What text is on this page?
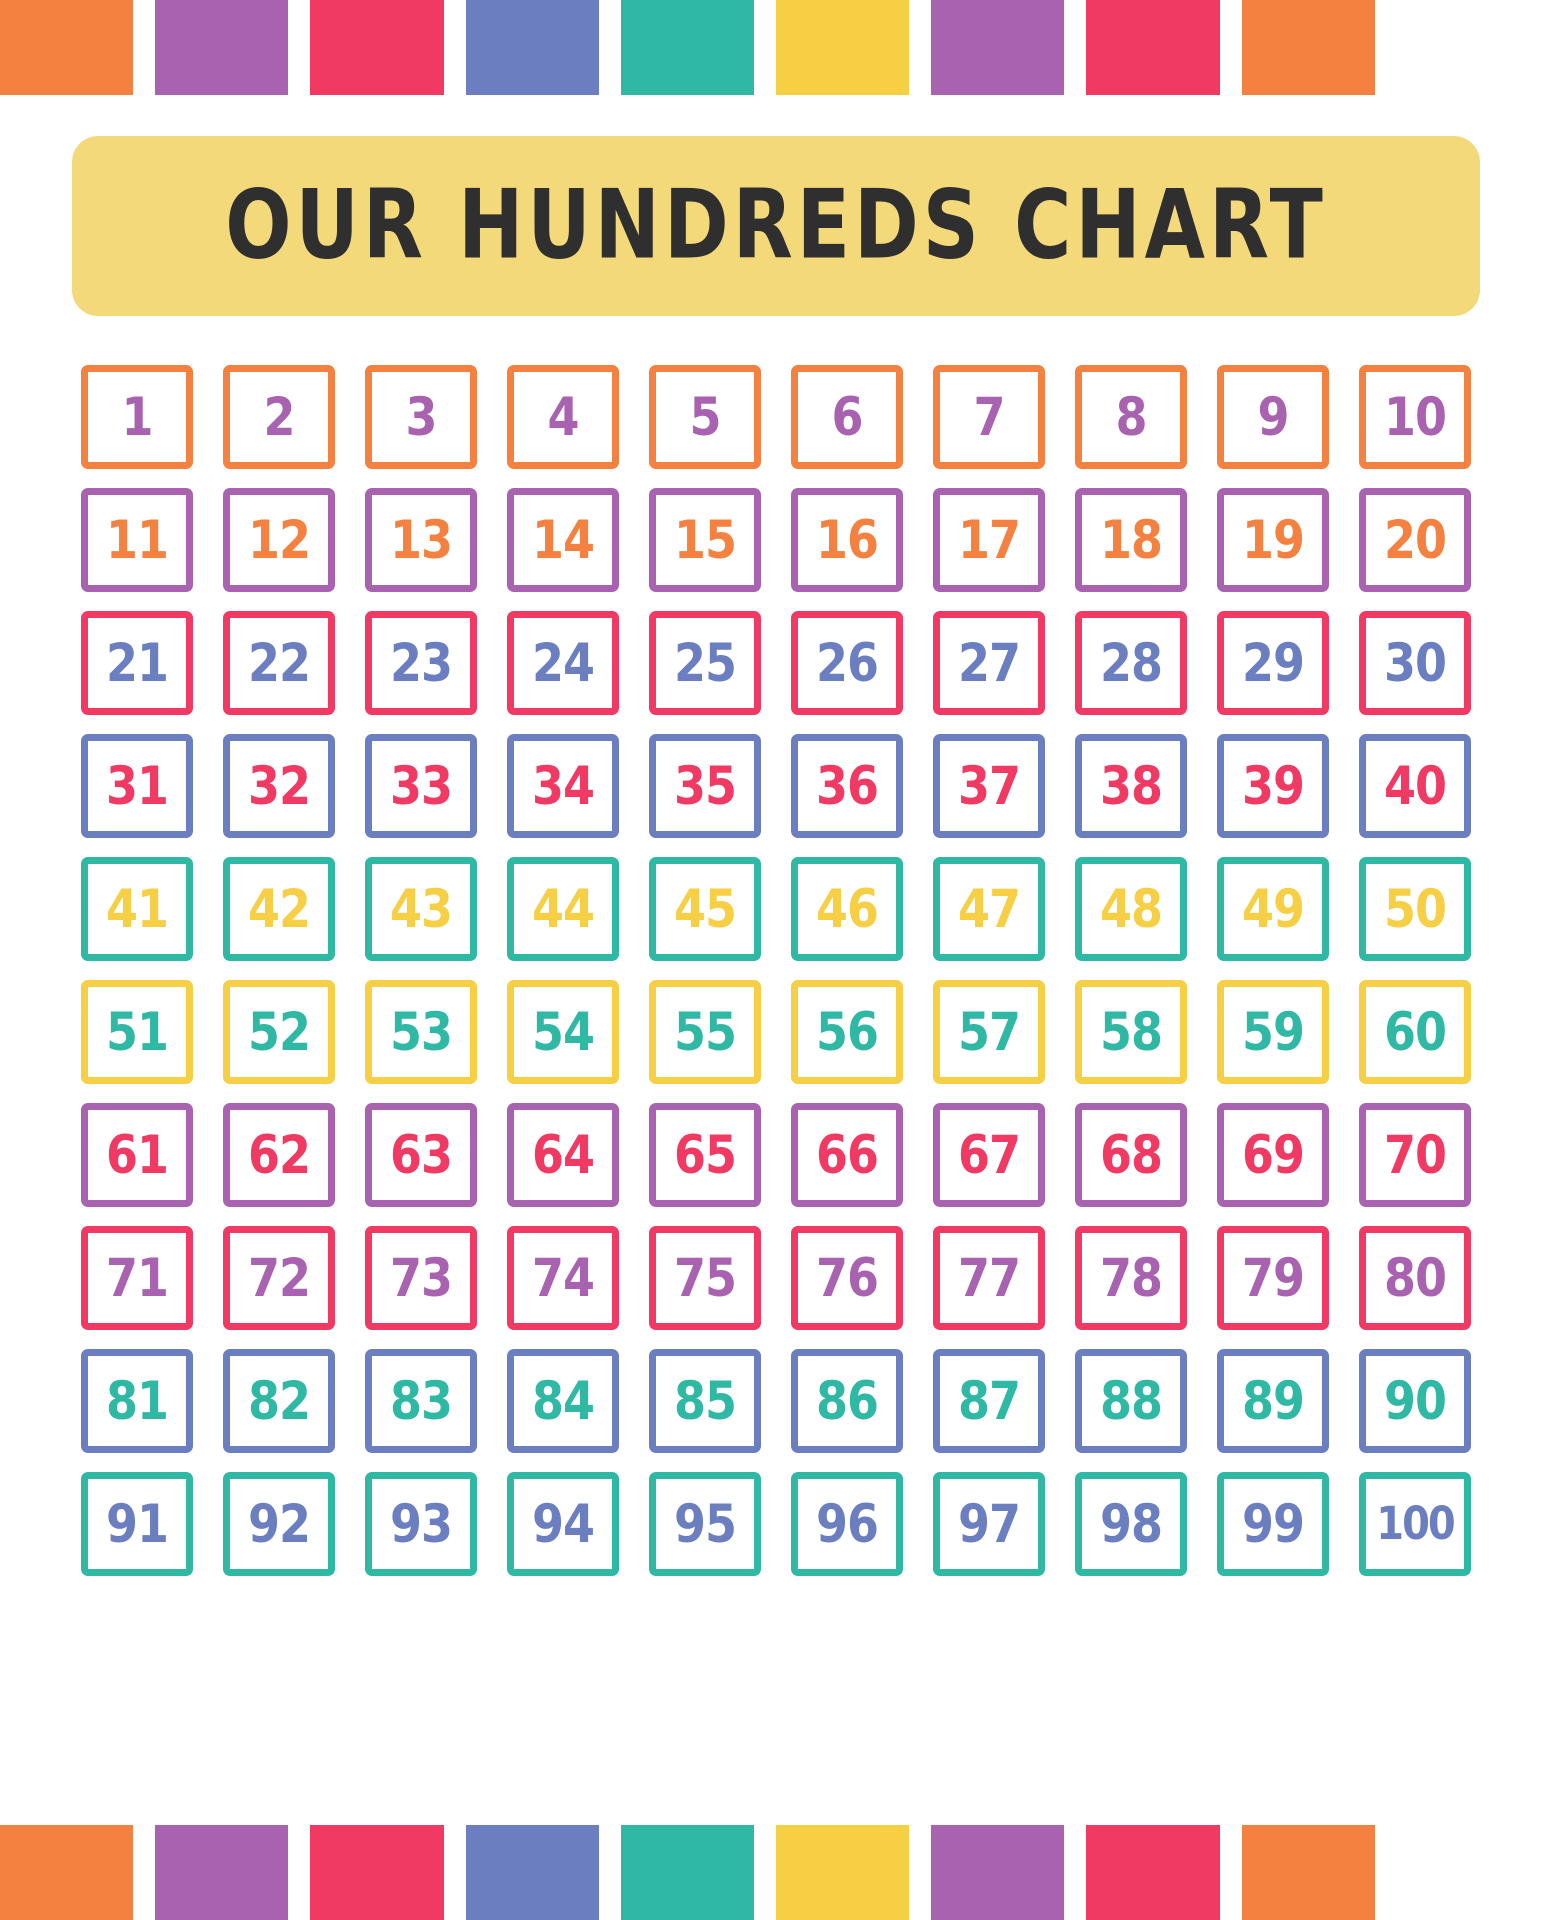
OUR HUNDREDS CHART
1 2 3 4 5 6 7 8 9 10
11 12 13 14 15 16 17 18 19 20
21 22 23 24 25 26 27 28 29 30
31 32 33 34 35 36 37 38 39 40
41 42 43 44 45 46 47 48 49 50
51 52 53 54 55 56 57 58 59 60
61 62 63 64 65 66 67 68 69 70
71 72 73 74 75 76 77 78 79 80
81 82 83 84 85 86 87 88 89 90
91 92 93 94 95 96 97 98 99 100
